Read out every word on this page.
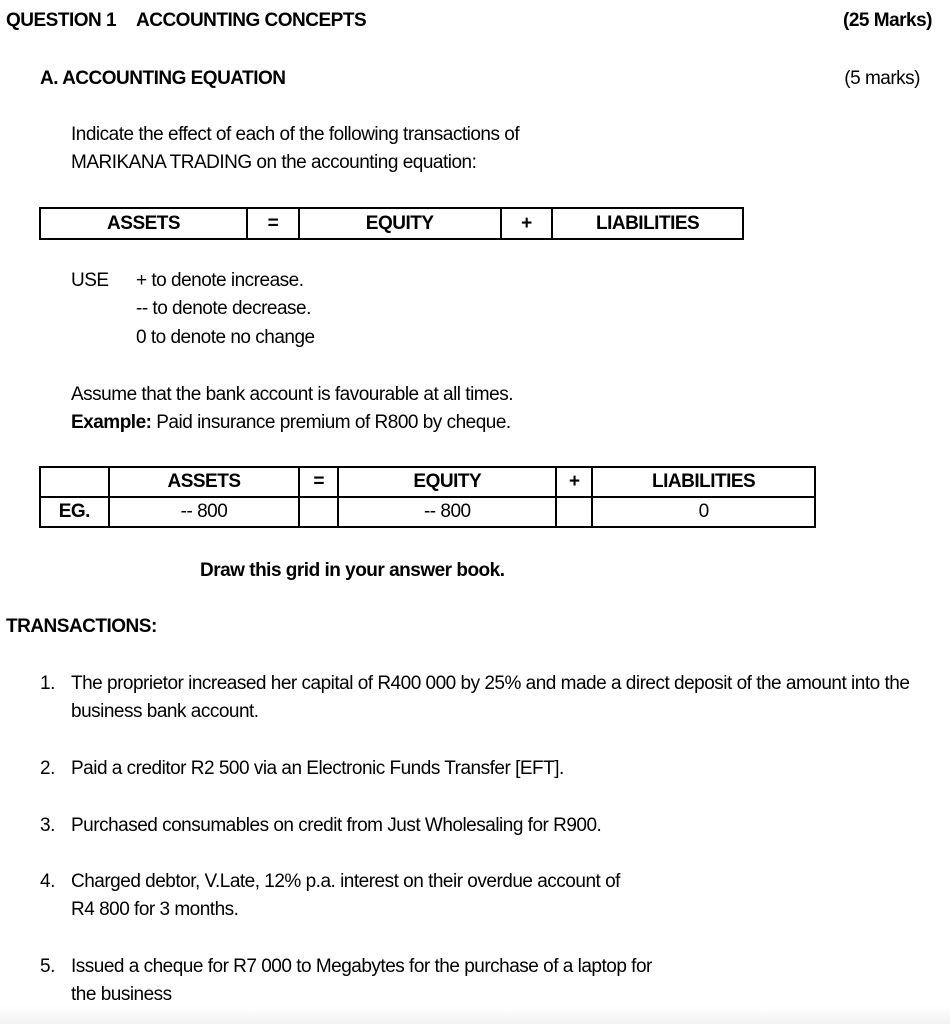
QUESTION 1 ACCOUNTING CONCEPTS	(25 Marks)
A. ACCOUNTING EQUATION	(5 marks)
Indicate the effect of each of the following transactions of
MARIKANA TRADING on the accounting equation:
ASSETS	=	EQUITY	+	LIABILITIES
USE + to denote increase.
-- to denote decrease.
0 to denote no change
Assume that the bank account is favourable at all times.
Example: Paid insurance premium of R800 by cheque.
	ASSETS	=	EQUITY	+	LIABILITIES
EG.	-- 800		-- 800		0
Draw this grid in your answer book.
TRANSACTIONS:
1. The proprietor increased her capital of R400 000 by 25% and made a direct deposit of the amount into the
business bank account.
2. Paid a creditor R2 500 via an Electronic Funds Transfer [EFT].
3. Purchased consumables on credit from Just Wholesaling for R900.
4. Charged debtor, V.Late, 12% p.a. interest on their overdue account of
R4 800 for 3 months.
5. Issued a cheque for R7 000 to Megabytes for the purchase of a laptop for
the business
